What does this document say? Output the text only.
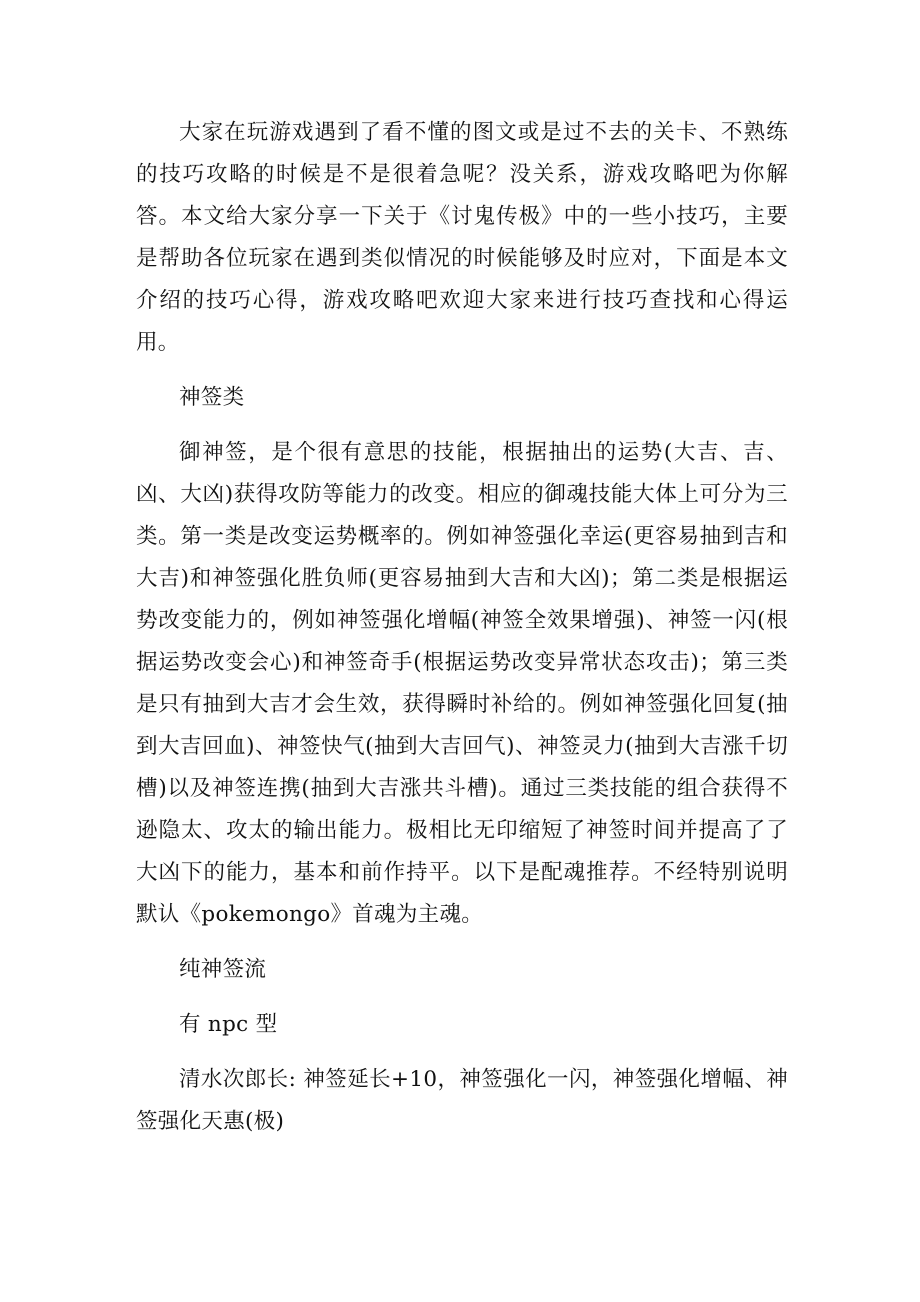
大家在玩游戏遇到了看不懂的图文或是过不去的关卡、不熟练的技巧攻略的时候是不是很着急呢？没关系，游戏攻略吧为你解答。本文给大家分享一下关于《讨鬼传极》中的一些小技巧，主要是帮助各位玩家在遇到类似情况的时候能够及时应对，下面是本文介绍的技巧心得，游戏攻略吧欢迎大家来进行技巧查找和心得运用。

神签类

御神签，是个很有意思的技能，根据抽出的运势(大吉、吉、凶、大凶)获得攻防等能力的改变。相应的御魂技能大体上可分为三类。第一类是改变运势概率的。例如神签强化幸运(更容易抽到吉和大吉)和神签强化胜负师(更容易抽到大吉和大凶)；第二类是根据运势改变能力的，例如神签强化增幅(神签全效果增强)、神签一闪(根据运势改变会心)和神签奇手(根据运势改变异常状态攻击)；第三类是只有抽到大吉才会生效，获得瞬时补给的。例如神签强化回复(抽到大吉回血)、神签快气(抽到大吉回气)、神签灵力(抽到大吉涨千切槽)以及神签连携(抽到大吉涨共斗槽)。通过三类技能的组合获得不逊隐太、攻太的输出能力。极相比无印缩短了神签时间并提高了了大凶下的能力，基本和前作持平。以下是配魂推荐。不经特别说明默认《pokemongo》首魂为主魂。

纯神签流

有 npc 型

清水次郎长: 神签延长+10，神签强化一闪，神签强化增幅、神签强化天惠(极)
